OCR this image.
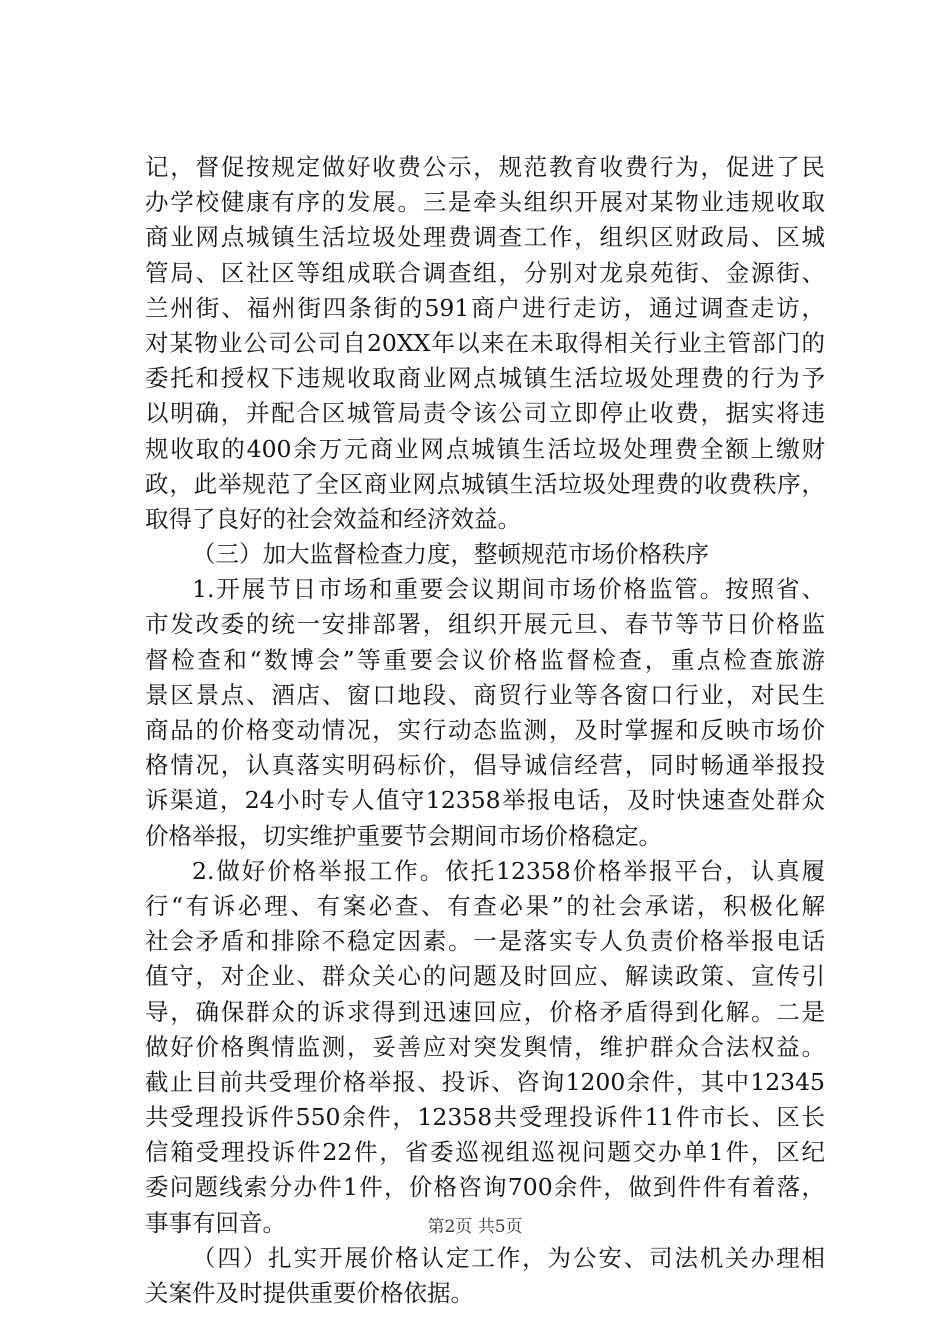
记，督促按规定做好收费公示，规范教育收费行为，促进了民
办学校健康有序的发展。三是牵头组织开展对某物业违规收取
商业网点城镇生活垃圾处理费调查工作，组织区财政局、区城
管局、区社区等组成联合调查组，分别对龙泉苑街、金源街、
兰州街、福州街四条街的591商户进行走访，通过调查走访，
对某物业公司公司自20XX年以来在未取得相关行业主管部门的
委托和授权下违规收取商业网点城镇生活垃圾处理费的行为予
以明确，并配合区城管局责令该公司立即停止收费，据实将违
规收取的400余万元商业网点城镇生活垃圾处理费全额上缴财
政，此举规范了全区商业网点城镇生活垃圾处理费的收费秩序，
取得了良好的社会效益和经济效益。
（三）加大监督检查力度，整顿规范市场价格秩序
1.开展节日市场和重要会议期间市场价格监管。按照省、
市发改委的统一安排部署，组织开展元旦、春节等节日价格监
督检查和“数博会”等重要会议价格监督检查，重点检查旅游
景区景点、酒店、窗口地段、商贸行业等各窗口行业，对民生
商品的价格变动情况，实行动态监测，及时掌握和反映市场价
格情况，认真落实明码标价，倡导诚信经营，同时畅通举报投
诉渠道，24小时专人值守12358举报电话，及时快速查处群众
价格举报，切实维护重要节会期间市场价格稳定。
2.做好价格举报工作。依托12358价格举报平台，认真履
行“有诉必理、有案必查、有查必果”的社会承诺，积极化解
社会矛盾和排除不稳定因素。一是落实专人负责价格举报电话
值守，对企业、群众关心的问题及时回应、解读政策、宣传引
导，确保群众的诉求得到迅速回应，价格矛盾得到化解。二是
做好价格舆情监测，妥善应对突发舆情，维护群众合法权益。
截止目前共受理价格举报、投诉、咨询1200余件，其中12345
共受理投诉件550余件，12358共受理投诉件11件市长、区长
信箱受理投诉件22件，省委巡视组巡视问题交办单1件，区纪
委问题线索分办件1件，价格咨询700余件，做到件件有着落，
事事有回音。
（四）扎实开展价格认定工作，为公安、司法机关办理相
关案件及时提供重要价格依据。
第2页 共5页
